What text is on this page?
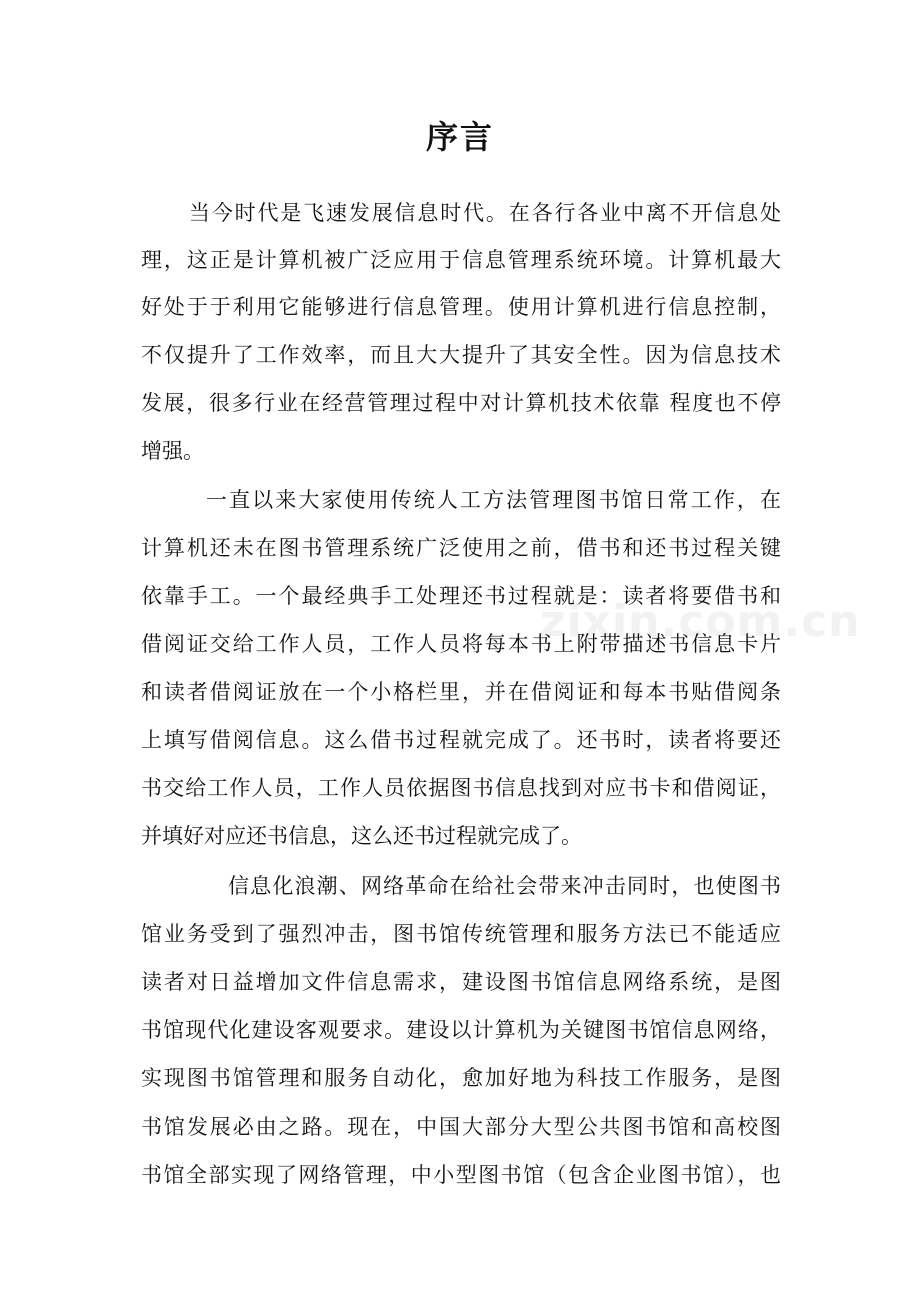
序言
zixin.com.cn

当今时代是飞速发展信息时代。在各行各业中离不开信息处

理，这正是计算机被广泛应用于信息管理系统环境。计算机最大

好处于于利用它能够进行信息管理。使用计算机进行信息控制，

不仅提升了工作效率，而且大大提升了其安全性。因为信息技术

发展，很多行业在经营管理过程中对计算机技术依靠 程度也不停

增强。

一直以来大家使用传统人工方法管理图书馆日常工作，在

计算机还未在图书管理系统广泛使用之前，借书和还书过程关键

依靠手工。一个最经典手工处理还书过程就是：读者将要借书和

借阅证交给工作人员，工作人员将每本书上附带描述书信息卡片

和读者借阅证放在一个小格栏里，并在借阅证和每本书贴借阅条

上填写借阅信息。这么借书过程就完成了。还书时，读者将要还

书交给工作人员，工作人员依据图书信息找到对应书卡和借阅证，

并填好对应还书信息，这么还书过程就完成了。

信息化浪潮、网络革命在给社会带来冲击同时，也使图书

馆业务受到了强烈冲击，图书馆传统管理和服务方法已不能适应

读者对日益增加文件信息需求，建设图书馆信息网络系统，是图

书馆现代化建设客观要求。建设以计算机为关键图书馆信息网络，

实现图书馆管理和服务自动化，愈加好地为科技工作服务，是图

书馆发展必由之路。现在，中国大部分大型公共图书馆和高校图

书馆全部实现了网络管理，中小型图书馆（包含企业图书馆），也
